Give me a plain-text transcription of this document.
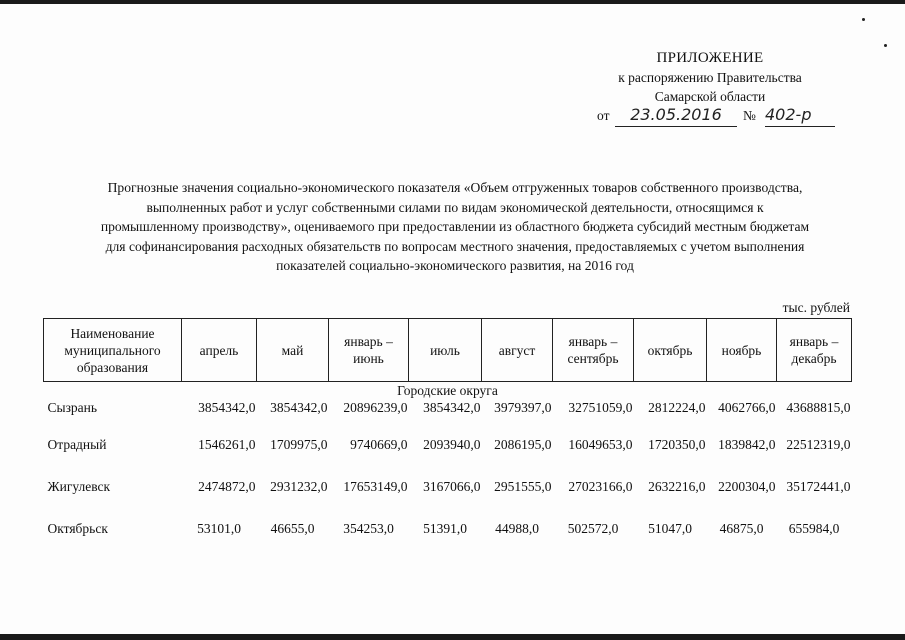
ПРИЛОЖЕНИЕ
к распоряжению Правительства
Самарской области
от	23.05.2016	№ 402-р
Прогнозные значения социально-экономического показателя «Объем отгруженных товаров собственного производства,
выполненных работ и услуг собственными силами по видам экономической деятельности, относящимся к
промышленному производству», оцениваемого при предоставлении из областного бюджета субсидий местным бюджетам
для софинансирования расходных обязательств по вопросам местного значения, предоставляемых с учетом выполнения
показателей социально-экономического развития, на 2016 год
тыс. рублей
Наименование муниципального образования	апрель	май	январь – июнь	июль	август	январь – сентябрь	октябрь	ноябрь	январь – декабрь
Городские округа									
Сызрань	3854342,0	3854342,0	20896239,0	3854342,0	3979397,0	32751059,0	2812224,0	4062766,0	43688815,0
Отрадный	1546261,0	1709975,0	9740669,0	2093940,0	2086195,0	16049653,0	1720350,0	1839842,0	22512319,0
Жигулевск	2474872,0	2931232,0	17653149,0	3167066,0	2951555,0	27023166,0	2632216,0	2200304,0	35172441,0
Октябрьск	53101,0	46655,0	354253,0	51391,0	44988,0	502572,0	51047,0	46875,0	655984,0
